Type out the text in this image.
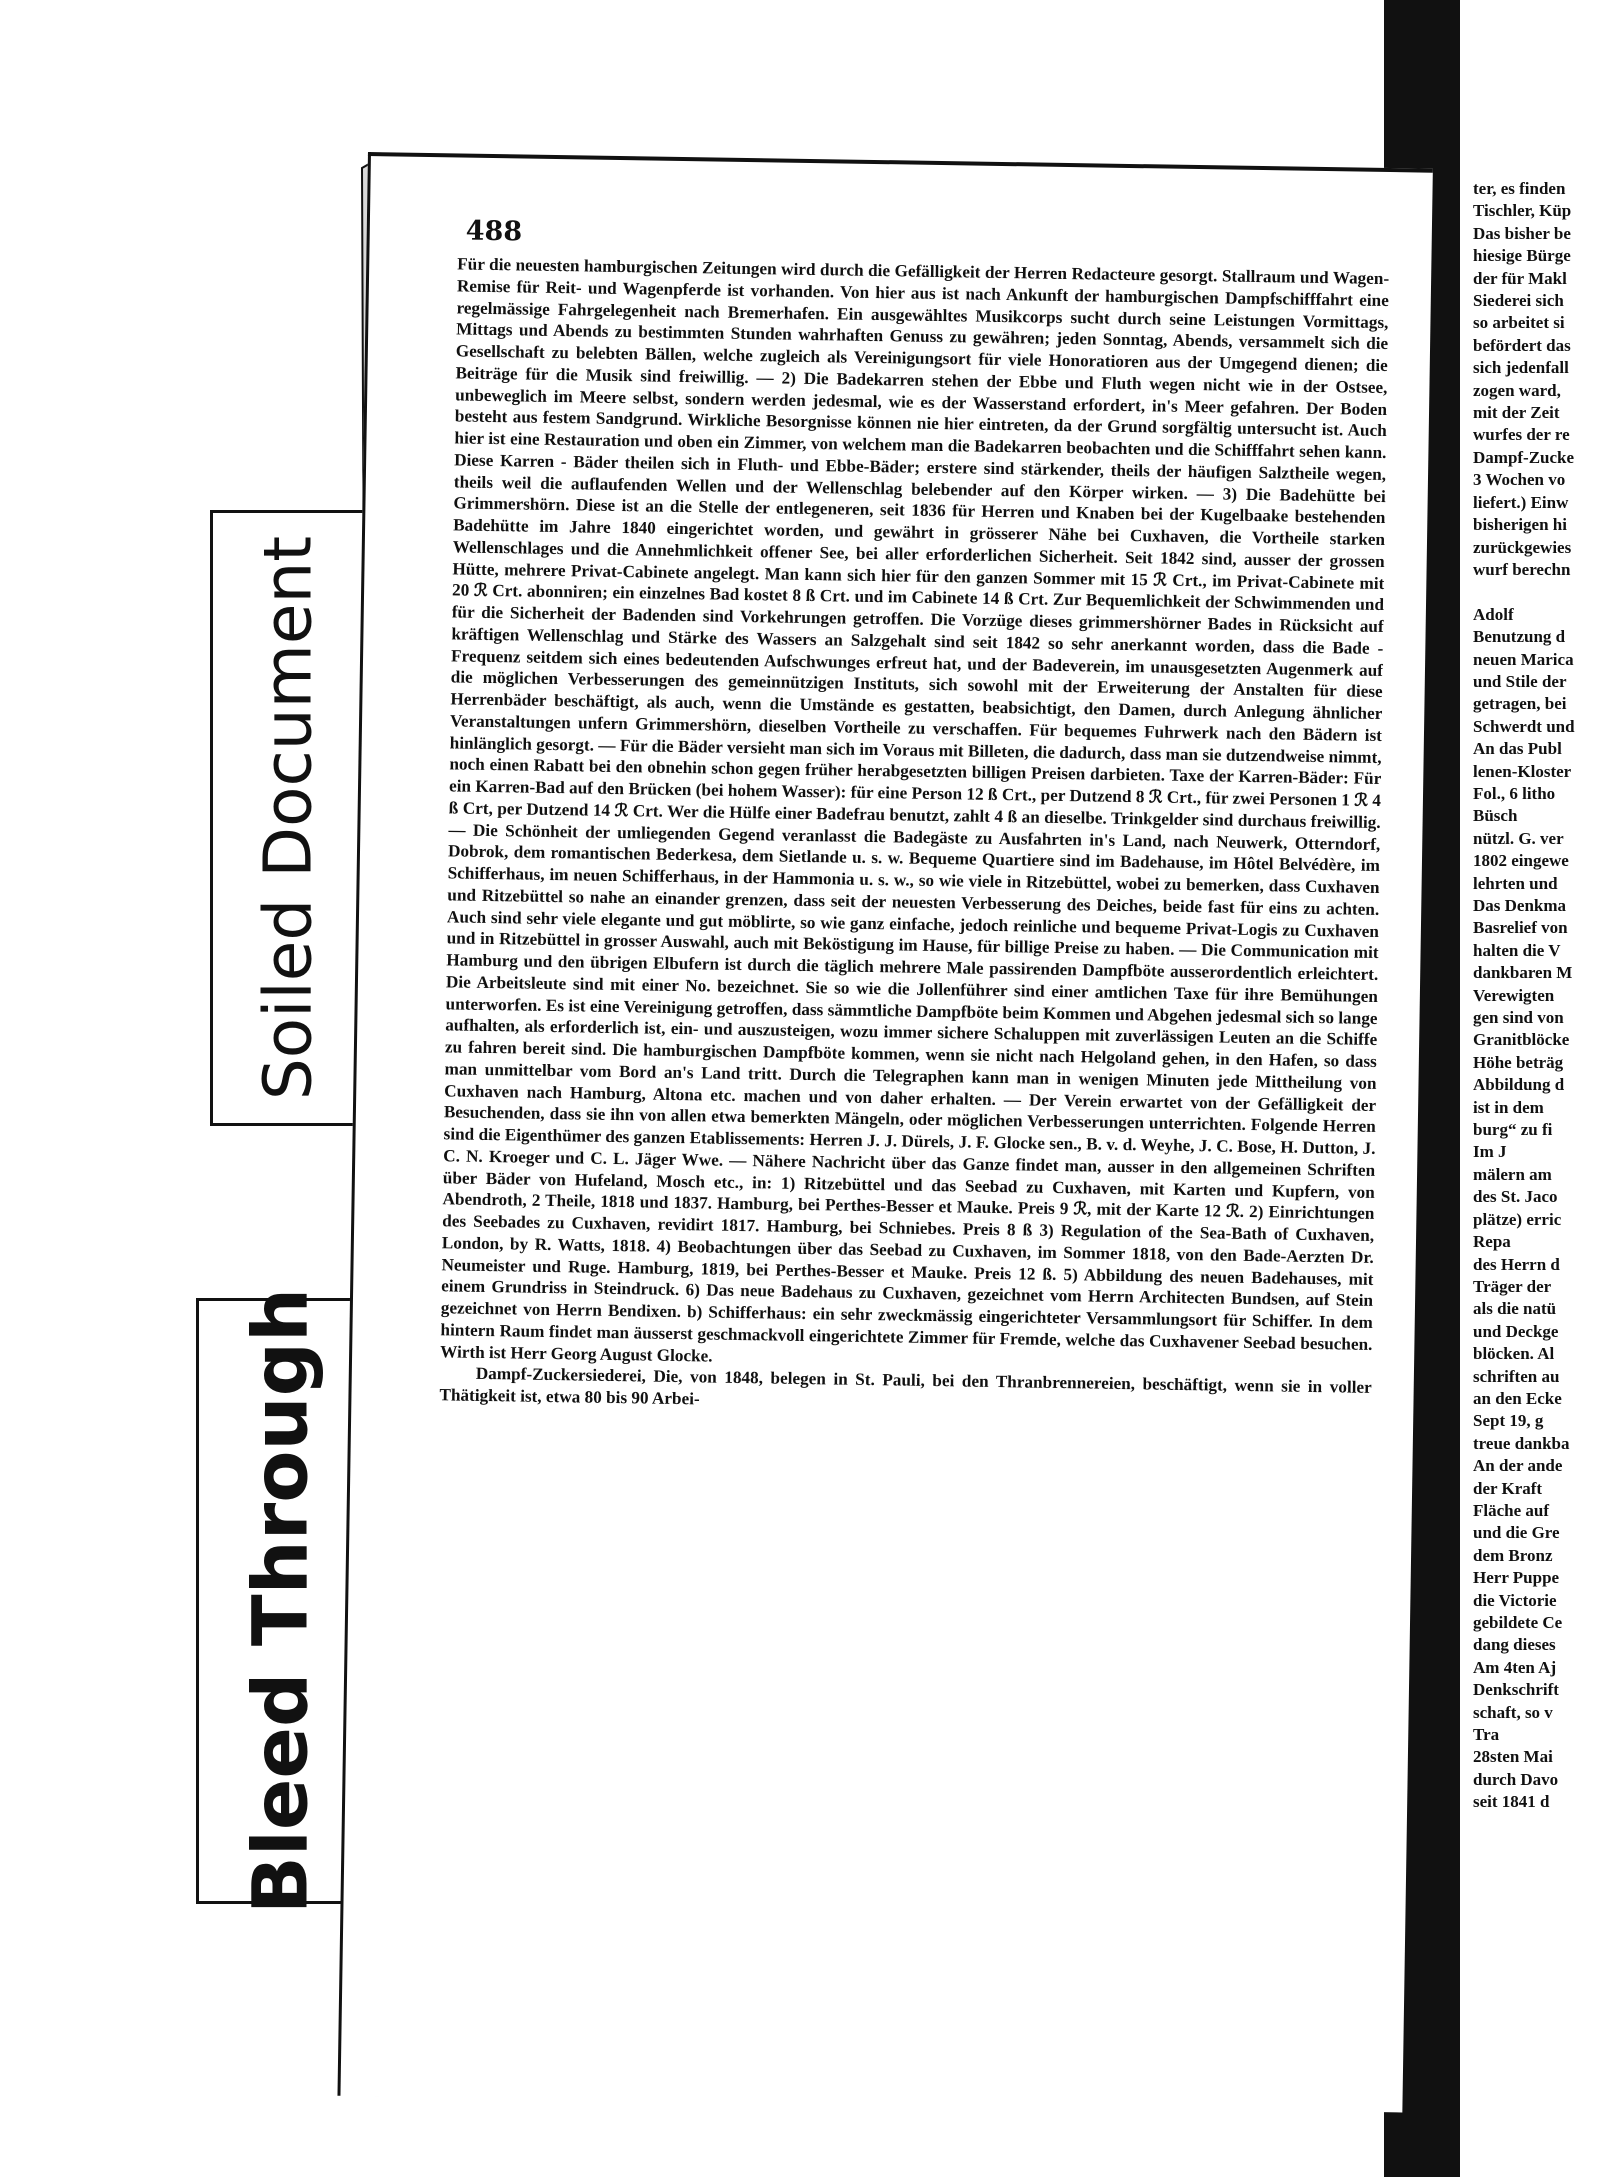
Soiled Document
Bleed Through
488

Für die neuesten hamburgischen Zeitungen wird durch die Gefälligkeit der Herren Redacteure gesorgt. Stallraum und Wagen-Remise für Reit- und Wagenpferde ist vorhanden. Von hier aus ist nach Ankunft der hamburgischen Dampfschifffahrt eine regelmässige Fahrgelegenheit nach Bremerhafen. Ein ausgewähltes Musikcorps sucht durch seine Leistungen Vormittags, Mittags und Abends zu bestimmten Stunden wahrhaften Genuss zu gewähren; jeden Sonntag, Abends, versammelt sich die Gesellschaft zu belebten Bällen, welche zugleich als Vereinigungsort für viele Honoratioren aus der Umgegend dienen; die Beiträge für die Musik sind freiwillig. — 2) Die Badekarren stehen der Ebbe und Fluth wegen nicht wie in der Ostsee, unbeweglich im Meere selbst, sondern werden jedesmal, wie es der Wasserstand erfordert, in's Meer gefahren. Der Boden besteht aus festem Sandgrund. Wirkliche Besorgnisse können nie hier eintreten, da der Grund sorgfältig untersucht ist. Auch hier ist eine Restauration und oben ein Zimmer, von welchem man die Badekarren beobachten und die Schifffahrt sehen kann. Diese Karren - Bäder theilen sich in Fluth- und Ebbe-Bäder; erstere sind stärkender, theils der häufigen Salztheile wegen, theils weil die auflaufenden Wellen und der Wellenschlag belebender auf den Körper wirken. — 3) Die Badehütte bei Grimmershörn. Diese ist an die Stelle der entlegeneren, seit 1836 für Herren und Knaben bei der Kugelbaake bestehenden Badehütte im Jahre 1840 eingerichtet worden, und gewährt in grösserer Nähe bei Cuxhaven, die Vortheile starken Wellenschlages und die Annehmlichkeit offener See, bei aller erforderlichen Sicherheit. Seit 1842 sind, ausser der grossen Hütte, mehrere Privat-Cabinete angelegt. Man kann sich hier für den ganzen Sommer mit 15 ℛ Crt., im Privat-Cabinete mit 20 ℛ Crt. abonniren; ein einzelnes Bad kostet 8 ß Crt. und im Cabinete 14 ß Crt. Zur Bequemlichkeit der Schwimmenden und für die Sicherheit der Badenden sind Vorkehrungen getroffen. Die Vorzüge dieses grimmershörner Bades in Rücksicht auf kräftigen Wellenschlag und Stärke des Wassers an Salzgehalt sind seit 1842 so sehr anerkannt worden, dass die Bade - Frequenz seitdem sich eines bedeutenden Aufschwunges erfreut hat, und der Badeverein, im unausgesetzten Augenmerk auf die möglichen Verbesserungen des gemeinnützigen Instituts, sich sowohl mit der Erweiterung der Anstalten für diese Herrenbäder beschäftigt, als auch, wenn die Umstände es gestatten, beabsichtigt, den Damen, durch Anlegung ähnlicher Veranstaltungen unfern Grimmershörn, dieselben Vortheile zu verschaffen. Für bequemes Fuhrwerk nach den Bädern ist hinlänglich gesorgt. — Für die Bäder versieht man sich im Voraus mit Billeten, die dadurch, dass man sie dutzendweise nimmt, noch einen Rabatt bei den obnehin schon gegen früher herabgesetzten billigen Preisen darbieten. Taxe der Karren-Bäder: Für ein Karren-Bad auf den Brücken (bei hohem Wasser): für eine Person 12 ß Crt., per Dutzend 8 ℛ Crt., für zwei Personen 1 ℛ 4 ß Crt, per Dutzend 14 ℛ Crt. Wer die Hülfe einer Badefrau benutzt, zahlt 4 ß an dieselbe. Trinkgelder sind durchaus freiwillig. — Die Schönheit der umliegenden Gegend veranlasst die Badegäste zu Ausfahrten in's Land, nach Neuwerk, Otterndorf, Dobrok, dem romantischen Bederkesa, dem Sietlande u. s. w. Bequeme Quartiere sind im Badehause, im Hôtel Belvédère, im Schifferhaus, im neuen Schifferhaus, in der Hammonia u. s. w., so wie viele in Ritzebüttel, wobei zu bemerken, dass Cuxhaven und Ritzebüttel so nahe an einander grenzen, dass seit der neuesten Verbesserung des Deiches, beide fast für eins zu achten. Auch sind sehr viele elegante und gut möblirte, so wie ganz einfache, jedoch reinliche und bequeme Privat-Logis zu Cuxhaven und in Ritzebüttel in grosser Auswahl, auch mit Beköstigung im Hause, für billige Preise zu haben. — Die Communication mit Hamburg und den übrigen Elbufern ist durch die täglich mehrere Male passirenden Dampfböte ausserordentlich erleichtert. Die Arbeitsleute sind mit einer No. bezeichnet. Sie so wie die Jollenführer sind einer amtlichen Taxe für ihre Bemühungen unterworfen. Es ist eine Vereinigung getroffen, dass sämmtliche Dampfböte beim Kommen und Abgehen jedesmal sich so lange aufhalten, als erforderlich ist, ein- und auszusteigen, wozu immer sichere Schaluppen mit zuverlässigen Leuten an die Schiffe zu fahren bereit sind. Die hamburgischen Dampfböte kommen, wenn sie nicht nach Helgoland gehen, in den Hafen, so dass man unmittelbar vom Bord an's Land tritt. Durch die Telegraphen kann man in wenigen Minuten jede Mittheilung von Cuxhaven nach Hamburg, Altona etc. machen und von daher erhalten. — Der Verein erwartet von der Gefälligkeit der Besuchenden, dass sie ihn von allen etwa bemerkten Mängeln, oder möglichen Verbesserungen unterrichten. Folgende Herren sind die Eigenthümer des ganzen Etablissements: Herren J. J. Dürels, J. F. Glocke sen., B. v. d. Weyhe, J. C. Bose, H. Dutton, J. C. N. Kroeger und C. L. Jäger Wwe. — Nähere Nachricht über das Ganze findet man, ausser in den allgemeinen Schriften über Bäder von Hufeland, Mosch etc., in: 1) Ritzebüttel und das Seebad zu Cuxhaven, mit Karten und Kupfern, von Abendroth, 2 Theile, 1818 und 1837. Hamburg, bei Perthes-Besser et Mauke. Preis 9 ℛ, mit der Karte 12 ℛ. 2) Einrichtungen des Seebades zu Cuxhaven, revidirt 1817. Hamburg, bei Schniebes. Preis 8 ß 3) Regulation of the Sea-Bath of Cuxhaven, London, by R. Watts, 1818. 4) Beobachtungen über das Seebad zu Cuxhaven, im Sommer 1818, von den Bade-Aerzten Dr. Neumeister und Ruge. Hamburg, 1819, bei Perthes-Besser et Mauke. Preis 12 ß. 5) Abbildung des neuen Badehauses, mit einem Grundriss in Steindruck. 6) Das neue Badehaus zu Cuxhaven, gezeichnet vom Herrn Architecten Bundsen, auf Stein gezeichnet von Herrn Bendixen. b) Schifferhaus: ein sehr zweckmässig eingerichteter Versammlungsort für Schiffer. In dem hintern Raum findet man äusserst geschmackvoll eingerichtete Zimmer für Fremde, welche das Cuxhavener Seebad besuchen. Wirth ist Herr Georg August Glocke.

Dampf-Zuckersiederei, Die, von 1848, belegen in St. Pauli, bei den Thranbrennereien, beschäftigt, wenn sie in voller Thätigkeit ist, etwa 80 bis 90 Arbei-

ter, es finden
Tischler, Küp
Das bisher be
hiesige Bürge
der für Makl
Siederei sich
so arbeitet si
befördert das
sich jedenfall
zogen ward,
mit der Zeit
wurfes der re
Dampf-Zucke
3 Wochen vo
liefert.) Einw
bisherigen hi
zurückgewies
wurf berechn

Adolf
Benutzung d
neuen Marica
und Stile der
getragen, bei
Schwerdt und
An das Publ
lenen-Kloster
Fol., 6 litho
Büsch
nützl. G. ver
1802 eingewe
lehrten und
Das Denkma
Basrelief von
halten die V
dankbaren M
Verewigten
gen sind von
Granitblöcke
Höhe beträg
Abbildung d
ist in dem
burg“ zu fi
Im J
mälern am
des St. Jaco
plätze) erric
Repa
des Herrn d
Träger der
als die natü
und Deckge
blöcken. Al
schriften au
an den Ecke
Sept 19, g
treue dankba
An der ande
der Kraft
Fläche auf
und die Gre
dem Bronz
Herr Puppe
die Victorie
gebildete Ce
dang dieses
Am 4ten Aj
Denkschrift
schaft, so v
Tra
28sten Mai
durch Davo
seit 1841 d
